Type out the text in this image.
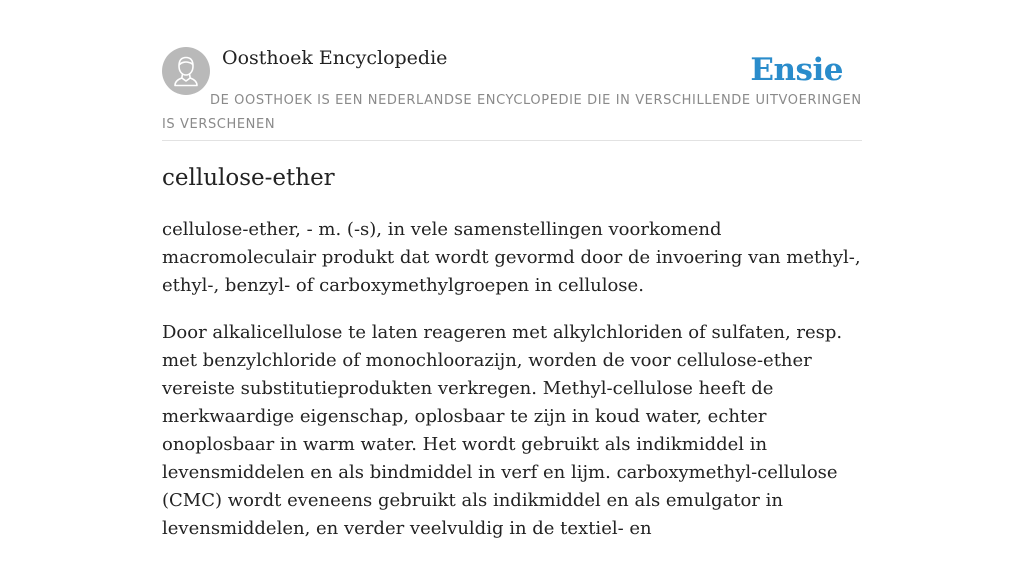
Oosthoek Encyclopedie	Ensie
DE OOSTHOEK IS EEN NEDERLANDSE ENCYCLOPEDIE DIE IN VERSCHILLENDE UITVOERINGEN IS VERSCHENEN
cellulose-ether

cellulose-ether, - m. (-s), in vele samenstellingen voorkomend macromoleculair produkt dat wordt gevormd door de invoering van methyl-, ethyl-, benzyl- of carboxymethylgroepen in cellulose.

Door alkalicellulose te laten reageren met alkylchloriden of sulfaten, resp. met benzylchloride of monochloorazijn, worden de voor cellulose-ether vereiste substitutieprodukten verkregen. Methyl-cellulose heeft de merkwaardige eigenschap, oplosbaar te zijn in koud water, echter onoplosbaar in warm water. Het wordt gebruikt als indikmiddel in levensmiddelen en als bindmiddel in verf en lijm. carboxymethyl-cellulose (CMC) wordt eveneens gebruikt als indikmiddel en als emulgator in levensmiddelen, en verder veelvuldig in de textiel- en
